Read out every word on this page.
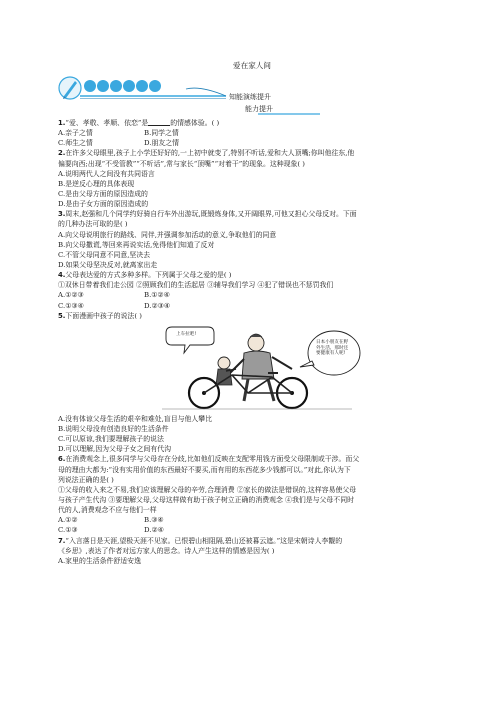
爱在家人间
知能演练提升
能力提升
1.“爱、孝敬、孝顺、依恋”是	的情感体验。( )
A.亲子之情	B.同学之情
C.师生之情	D.朋友之情
2.在许多父母眼里,孩子上小学还好好的,一上初中就变了,特别不听话,爱和大人顶嘴;你叫他往东,他
偏要向西;出现“不受管教”“不听话”,常与家长“顶嘴”“对着干”的现象。这种现象( )
A.说明两代人之间没有共同语言
B.是逆反心理的具体表现
C.是由父母方面的原因造成的
D.是由子女方面的原因造成的
3.周末,赵强和几个同学约好骑自行车外出游玩,既锻炼身体,又开阔眼界,可他又担心父母反对。下面
的几种办法可取的是( )
A.向父母说明旅行的路线、同伴,并强调参加活动的意义,争取他们的同意
B.向父母撒谎,等回来再说实话,免得他们知道了反对
C.不管父母同意不同意,坚决去
D.如果父母坚决反对,就离家出走
4.父母表达爱的方式多种多样。下列属于父母之爱的是( )
①双休日带着我们走公园 ②照顾我们的生活起居 ③辅导我们学习 ④犯了错误也不惩罚我们
A.①②③	B.①②④
C.①③④	D.②③④
5.下面漫画中孩子的说法( )
上车拉吧!
日本小朋友在野
外生活、那时还
要健康有人呢!
A.没有体谅父母生活的艰辛和难处,盲目与他人攀比
B.说明父母没有创造良好的生活条件
C.可以原谅,我们要理解孩子的说法
D.可以理解,因为父母子女之间有代沟
6.在消费观念上,很多同学与父母存在分歧,比如他们反映在支配零用钱方面受父母限制或干涉。而父
母的理由大都为:“没有实用价值的东西最好不要买,而有用的东西花多少钱都可以。”对此,你认为下
列说法正确的是( )
①父母的收入来之不易,我们应该理解父母的辛劳,合理消费 ②家长的做法是错误的,这样容易使父母
与孩子产生代沟 ③要理解父母,父母这样做有助于孩子树立正确的消费观念 ④我们是与父母不同时
代的人,消费观念不应与他们一样
A.①②	B.③④
C.①③	D.②④
7.“入言落日是天涯,望极天涯不见家。已恨碧山相阻隔,碧山还被暮云遮。”这是宋朝诗人李觏的
《乡思》,表达了作者对远方家人的思念。诗人产生这样的情感是因为( )
A.家里的生活条件舒适安逸
